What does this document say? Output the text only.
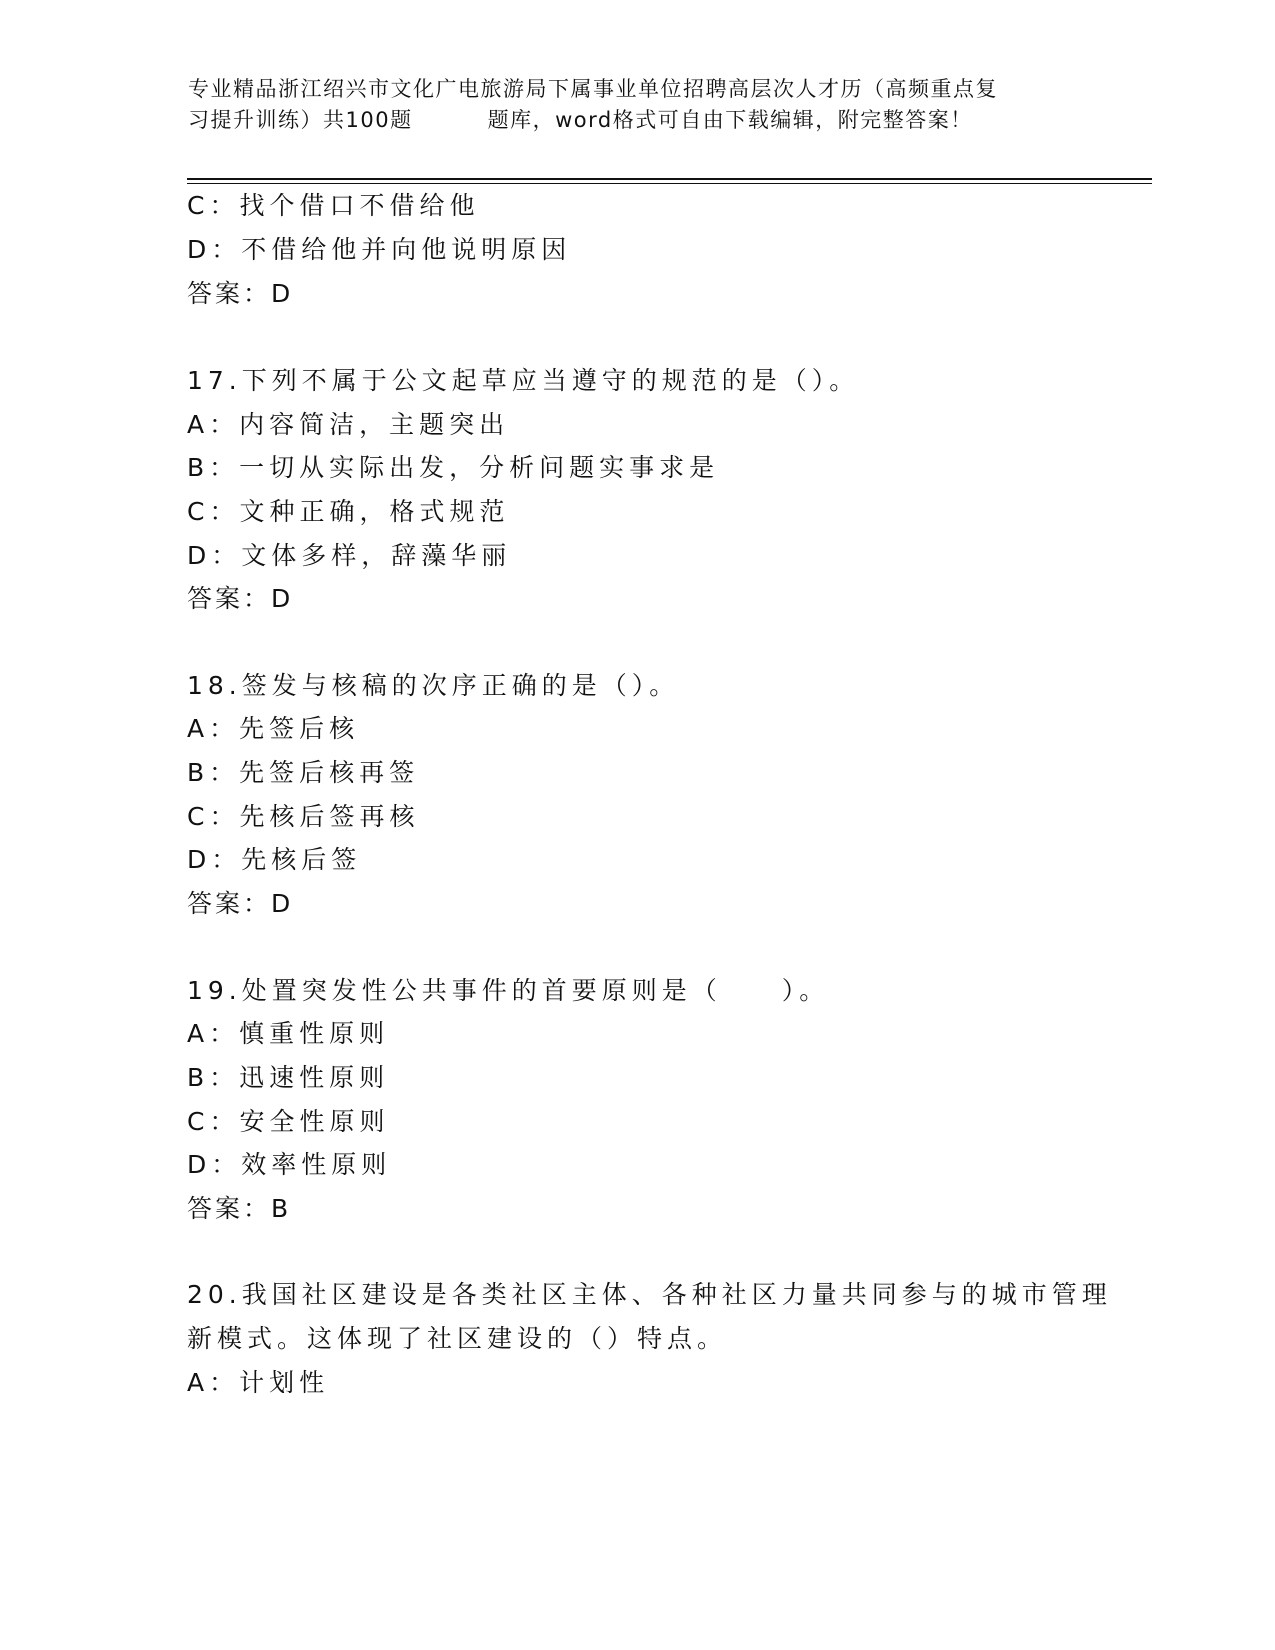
专业精品浙江绍兴市文化广电旅游局下属事业单位招聘高层次人才历（高频重点复
习提升训练）共100题	题库，word格式可自由下载编辑，附完整答案！
C：找个借口不借给他
D：不借给他并向他说明原因
答案：D
17.下列不属于公文起草应当遵守的规范的是（）。
A：内容简洁，主题突出
B：一切从实际出发，分析问题实事求是
C：文种正确，格式规范
D：文体多样，辞藻华丽
答案：D
18.签发与核稿的次序正确的是（）。
A：先签后核
B：先签后核再签
C：先核后签再核
D：先核后签
答案：D
19.处置突发性公共事件的首要原则是（　　）。
A：慎重性原则
B：迅速性原则
C：安全性原则
D：效率性原则
答案：B
20.我国社区建设是各类社区主体、各种社区力量共同参与的城市管理
新模式。这体现了社区建设的（）特点。
A：计划性
